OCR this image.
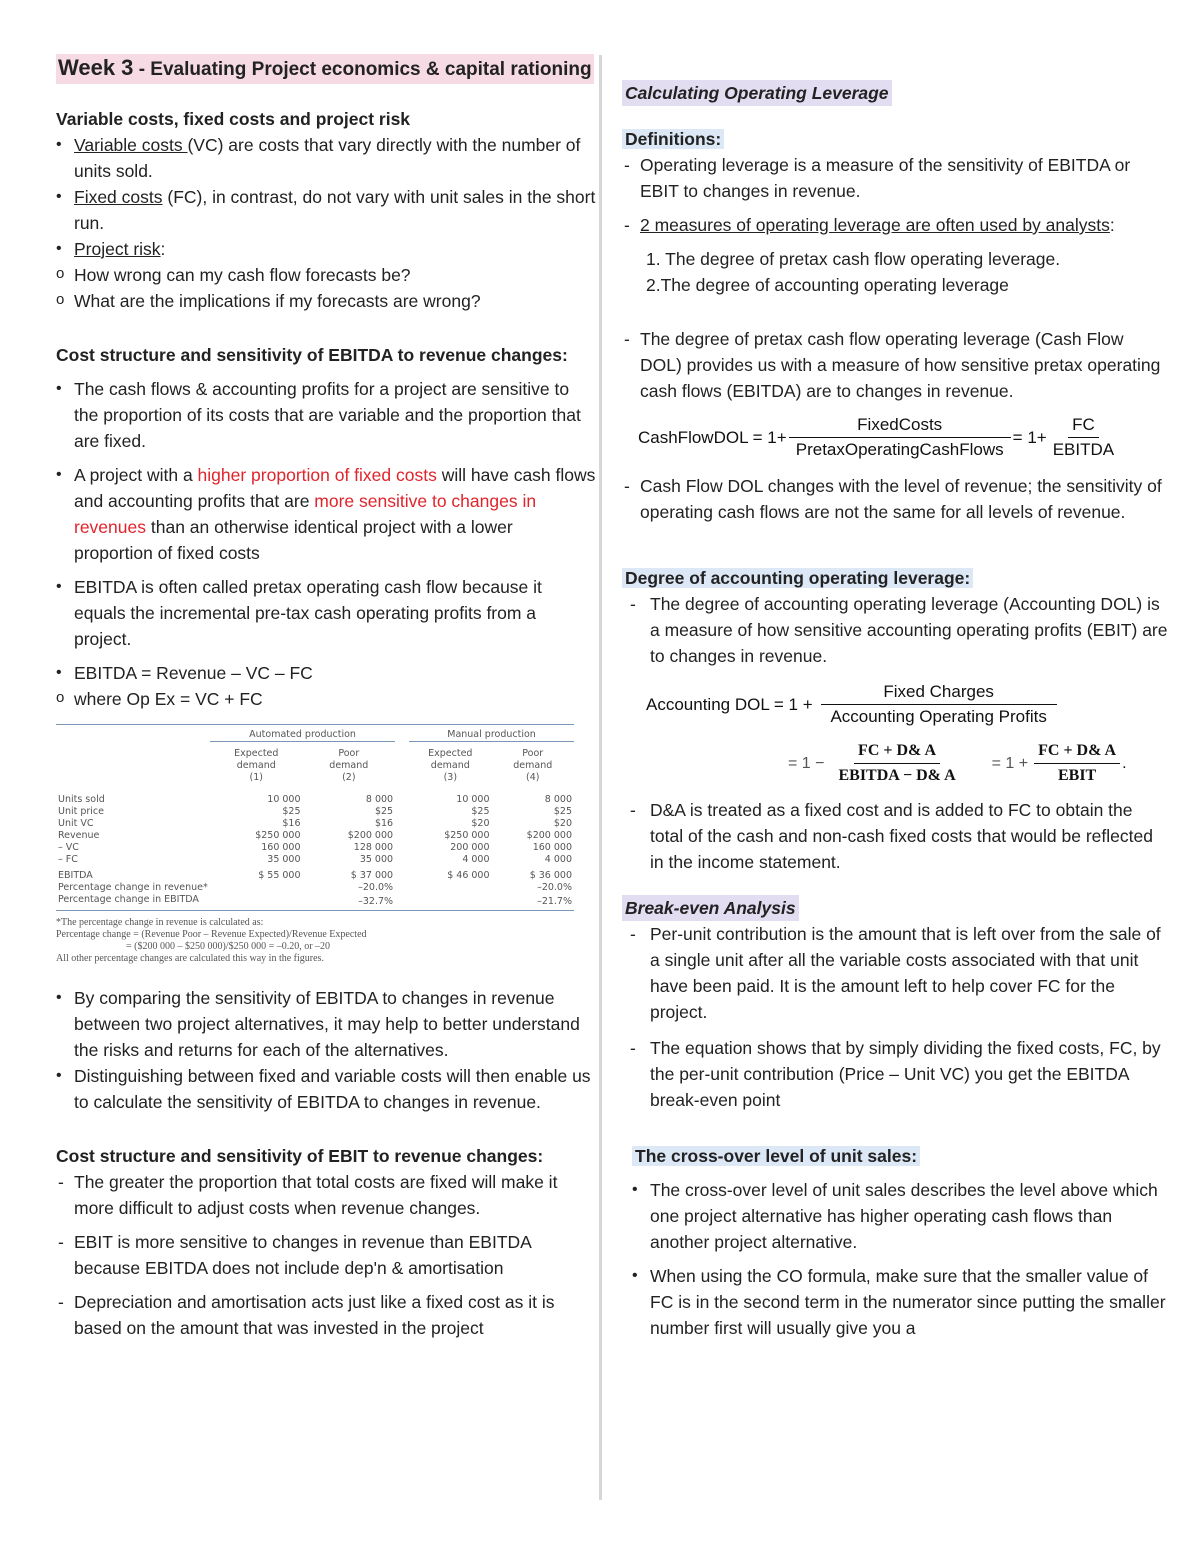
Week 3 - Evaluating Project economics & capital rationing

Variable costs, fixed costs and project risk

• Variable costs (VC) are costs that vary directly with the number of units sold.
• Fixed costs (FC), in contrast, do not vary with unit sales in the short run.
• Project risk:
o How wrong can my cash flow forecasts be?
o What are the implications if my forecasts are wrong?

Cost structure and sensitivity of EBITDA to revenue changes:

• The cash flows & accounting profits for a project are sensitive to the proportion of its costs that are variable and the proportion that are fixed.
• A project with a higher proportion of fixed costs will have cash flows and accounting profits that are more sensitive to changes in revenues than an otherwise identical project with a lower proportion of fixed costs
• EBITDA is often called pretax operating cash flow because it equals the incremental pre-tax cash operating profits from a project.
• EBITDA = Revenue – VC – FC
o where Op Ex = VC + FC
	Automated production			Manual production	
	Expected
demand
(1)	Poor
demand
(2)		Expected
demand
(3)	Poor
demand
(4)

Units sold	10 000	8 000		10 000	8 000
Unit price	$25	$25		$25	$25
Unit VC	$16	$16		$20	$20
Revenue	$250 000	$200 000		$250 000	$200 000
– VC	160 000	128 000		200 000	160 000
– FC	35 000	35 000		4 000	4 000

EBITDA	$ 55 000	$ 37 000		$ 46 000	$ 36 000
Percentage change in revenue*		–20.0%			–20.0%
Percentage change in EBITDA		–32.7%			–21.7%
*The percentage change in revenue is calculated as:
Percentage change = (Revenue Poor – Revenue Expected)/Revenue Expected
= ($200 000 – $250 000)/$250 000 = –0.20, or –20
All other percentage changes are calculated this way in the figures.
• By comparing the sensitivity of EBITDA to changes in revenue between two project alternatives, it may help to better understand the risks and returns for each of the alternatives.
• Distinguishing between fixed and variable costs will then enable us to calculate the sensitivity of EBITDA to changes in revenue.

Cost structure and sensitivity of EBIT to revenue changes:

- The greater the proportion that total costs are fixed will make it more difficult to adjust costs when revenue changes.
- EBIT is more sensitive to changes in revenue than EBITDA because EBITDA does not include dep'n & amortisation
- Depreciation and amortisation acts just like a fixed cost as it is based on the amount that was invested in the project
Calculating Operating Leverage
Definitions:
- Operating leverage is a measure of the sensitivity of EBITDA or EBIT to changes in revenue.
- 2 measures of operating leverage are often used by analysts:
1. The degree of pretax cash flow operating leverage.
2.The degree of accounting operating leverage
- The degree of pretax cash flow operating leverage (Cash Flow DOL) provides us with a measure of how sensitive pretax operating cash flows (EBITDA) are to changes in revenue.
CashFlowDOL = $1+ \frac{\text{FixedCosts}}{\text{PretaxOperatingCashFlows}} = 1+ \frac{FC}{\text{EBITDA}}$
- Cash Flow DOL changes with the level of revenue; the sensitivity of operating cash flows are not the same for all levels of revenue.
Degree of accounting operating leverage:
- The degree of accounting operating leverage (Accounting DOL) is a measure of how sensitive accounting operating profits (EBIT) are to changes in revenue.
Accounting DOL = $1 + \frac{\text{Fixed Charges}}{\text{Accounting Operating Profits}}$
= $1 - \frac{FC + D\& A}{\text{EBITDA − D\& A}} = 1 + \frac{FC + D\& A}{\text{EBIT}}$ .
- D&A is treated as a fixed cost and is added to FC to obtain the total of the cash and non-cash fixed costs that would be reflected in the income statement.
Break-even Analysis
- Per-unit contribution is the amount that is left over from the sale of a single unit after all the variable costs associated with that unit have been paid. It is the amount left to help cover FC for the project.
- The equation shows that by simply dividing the fixed costs, FC, by the per-unit contribution (Price – Unit VC) you get the EBITDA break-even point
The cross-over level of unit sales:
• The cross-over level of unit sales describes the level above which one project alternative has higher operating cash flows than another project alternative.
• When using the CO formula, make sure that the smaller value of FC is in the second term in the numerator since putting the smaller number first will usually give you a
